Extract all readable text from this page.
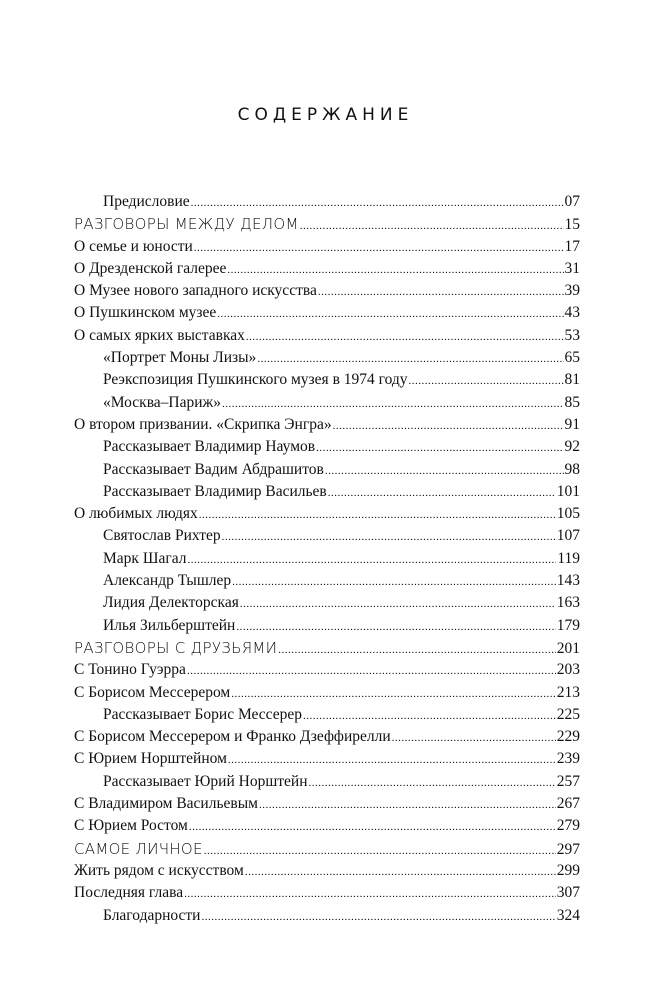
СОДЕРЖАНИЕ
Предисловие .....	07
РАЗГОВОРЫ МЕЖДУ ДЕЛОМ .....	15
О семье и юности .....	17
О Дрезденской галерее .....	31
О Музее нового западного искусства .....	39
О Пушкинском музее .....	43
О самых ярких выставках .....	53
«Портрет Моны Лизы» .....	65
Реэкспозиция Пушкинского музея в 1974 году .....	81
«Москва–Париж» .....	85
О втором призвании. «Скрипка Энгра» .....	91
Рассказывает Владимир Наумов .....	92
Рассказывает Вадим Абдрашитов .....	98
Рассказывает Владимир Васильев .....	101
О любимых людях .....	105
Святослав Рихтер .....	107
Марк Шагал .....	119
Александр Тышлер .....	143
Лидия Делекторская .....	163
Илья Зильберштейн .....	179
РАЗГОВОРЫ С ДРУЗЬЯМИ .....	201
С Тонино Гуэрра .....	203
С Борисом Мессерером .....	213
Рассказывает Борис Мессерер .....	225
С Борисом Мессерером и Франко Дзеффирелли .....	229
С Юрием Норштейном .....	239
Рассказывает Юрий Норштейн .....	257
С Владимиром Васильевым .....	267
С Юрием Ростом .....	279
САМОЕ ЛИЧНОЕ .....	297
Жить рядом с искусством .....	299
Последняя глава .....	307
Благодарности .....	324
